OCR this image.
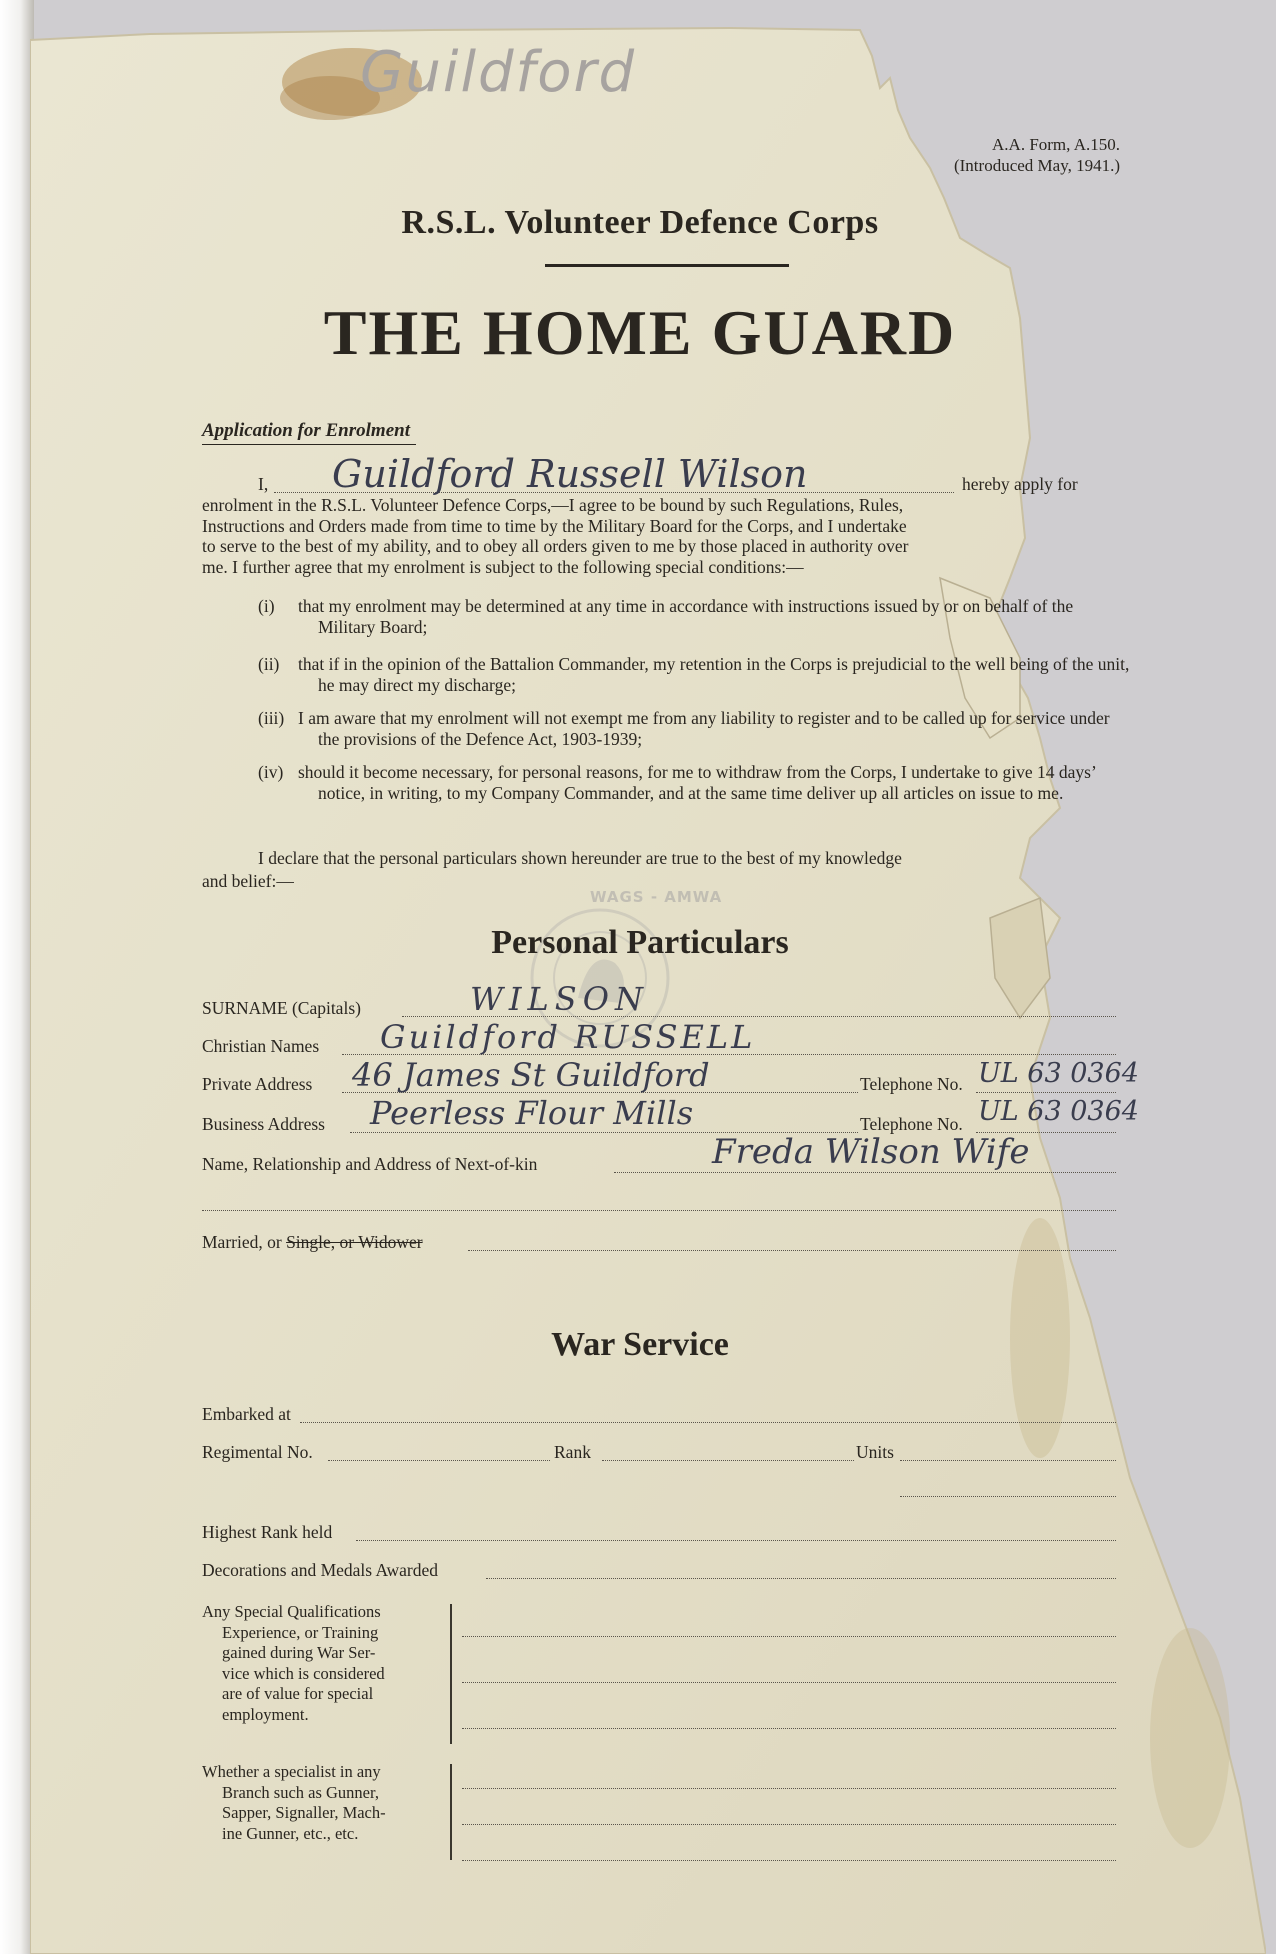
Guildford
A.A. Form, A.150.
(Introduced May, 1941.)
R.S.L. Volunteer Defence Corps
THE HOME GUARD
Application for Enrolment
I, Guildford Russell Wilson	hereby apply for
enrolment in the R.S.L. Volunteer Defence Corps,—I agree to be bound by such Regulations, Rules,
Instructions and Orders made from time to time by the Military Board for the Corps, and I undertake
to serve to the best of my ability, and to obey all orders given to me by those placed in authority over
me. I further agree that my enrolment is subject to the following special conditions:—
(i) that my enrolment may be determined at any time in accordance with instructions issued by or on behalf of the Military Board;
(ii) that if in the opinion of the Battalion Commander, my retention in the Corps is prejudicial to the well being of the unit, he may direct my discharge;
(iii) I am aware that my enrolment will not exempt me from any liability to register and to be called up for service under the provisions of the Defence Act, 1903-1939;
(iv) should it become necessary, for personal reasons, for me to withdraw from the Corps, I undertake to give 14 days’ notice, in writing, to my Company Commander, and at the same time deliver up all articles on issue to me.
I declare that the personal particulars shown hereunder are true to the best of my knowledge
and belief:—
WAGS - AMWA
Personal Particulars
SURNAME (Capitals)	WILSON
Christian Names Guildford RUSSELL
Private Address 46 James St Guildford	Telephone No. UL 63 0364
Business Address Peerless Flour Mills	Telephone No. UL 63 0364
Name, Relationship and Address of Next-of-kin	Freda Wilson Wife
Married, or Single, or Widower
War Service
Embarked at
Regimental No.	Rank	Units
Highest Rank held
Decorations and Medals Awarded
Any Special Qualifications
Experience, or Training
gained during War Ser-
vice which is considered
are of value for special
employment.
Whether a specialist in any
Branch such as Gunner,
Sapper, Signaller, Mach-
ine Gunner, etc., etc.
